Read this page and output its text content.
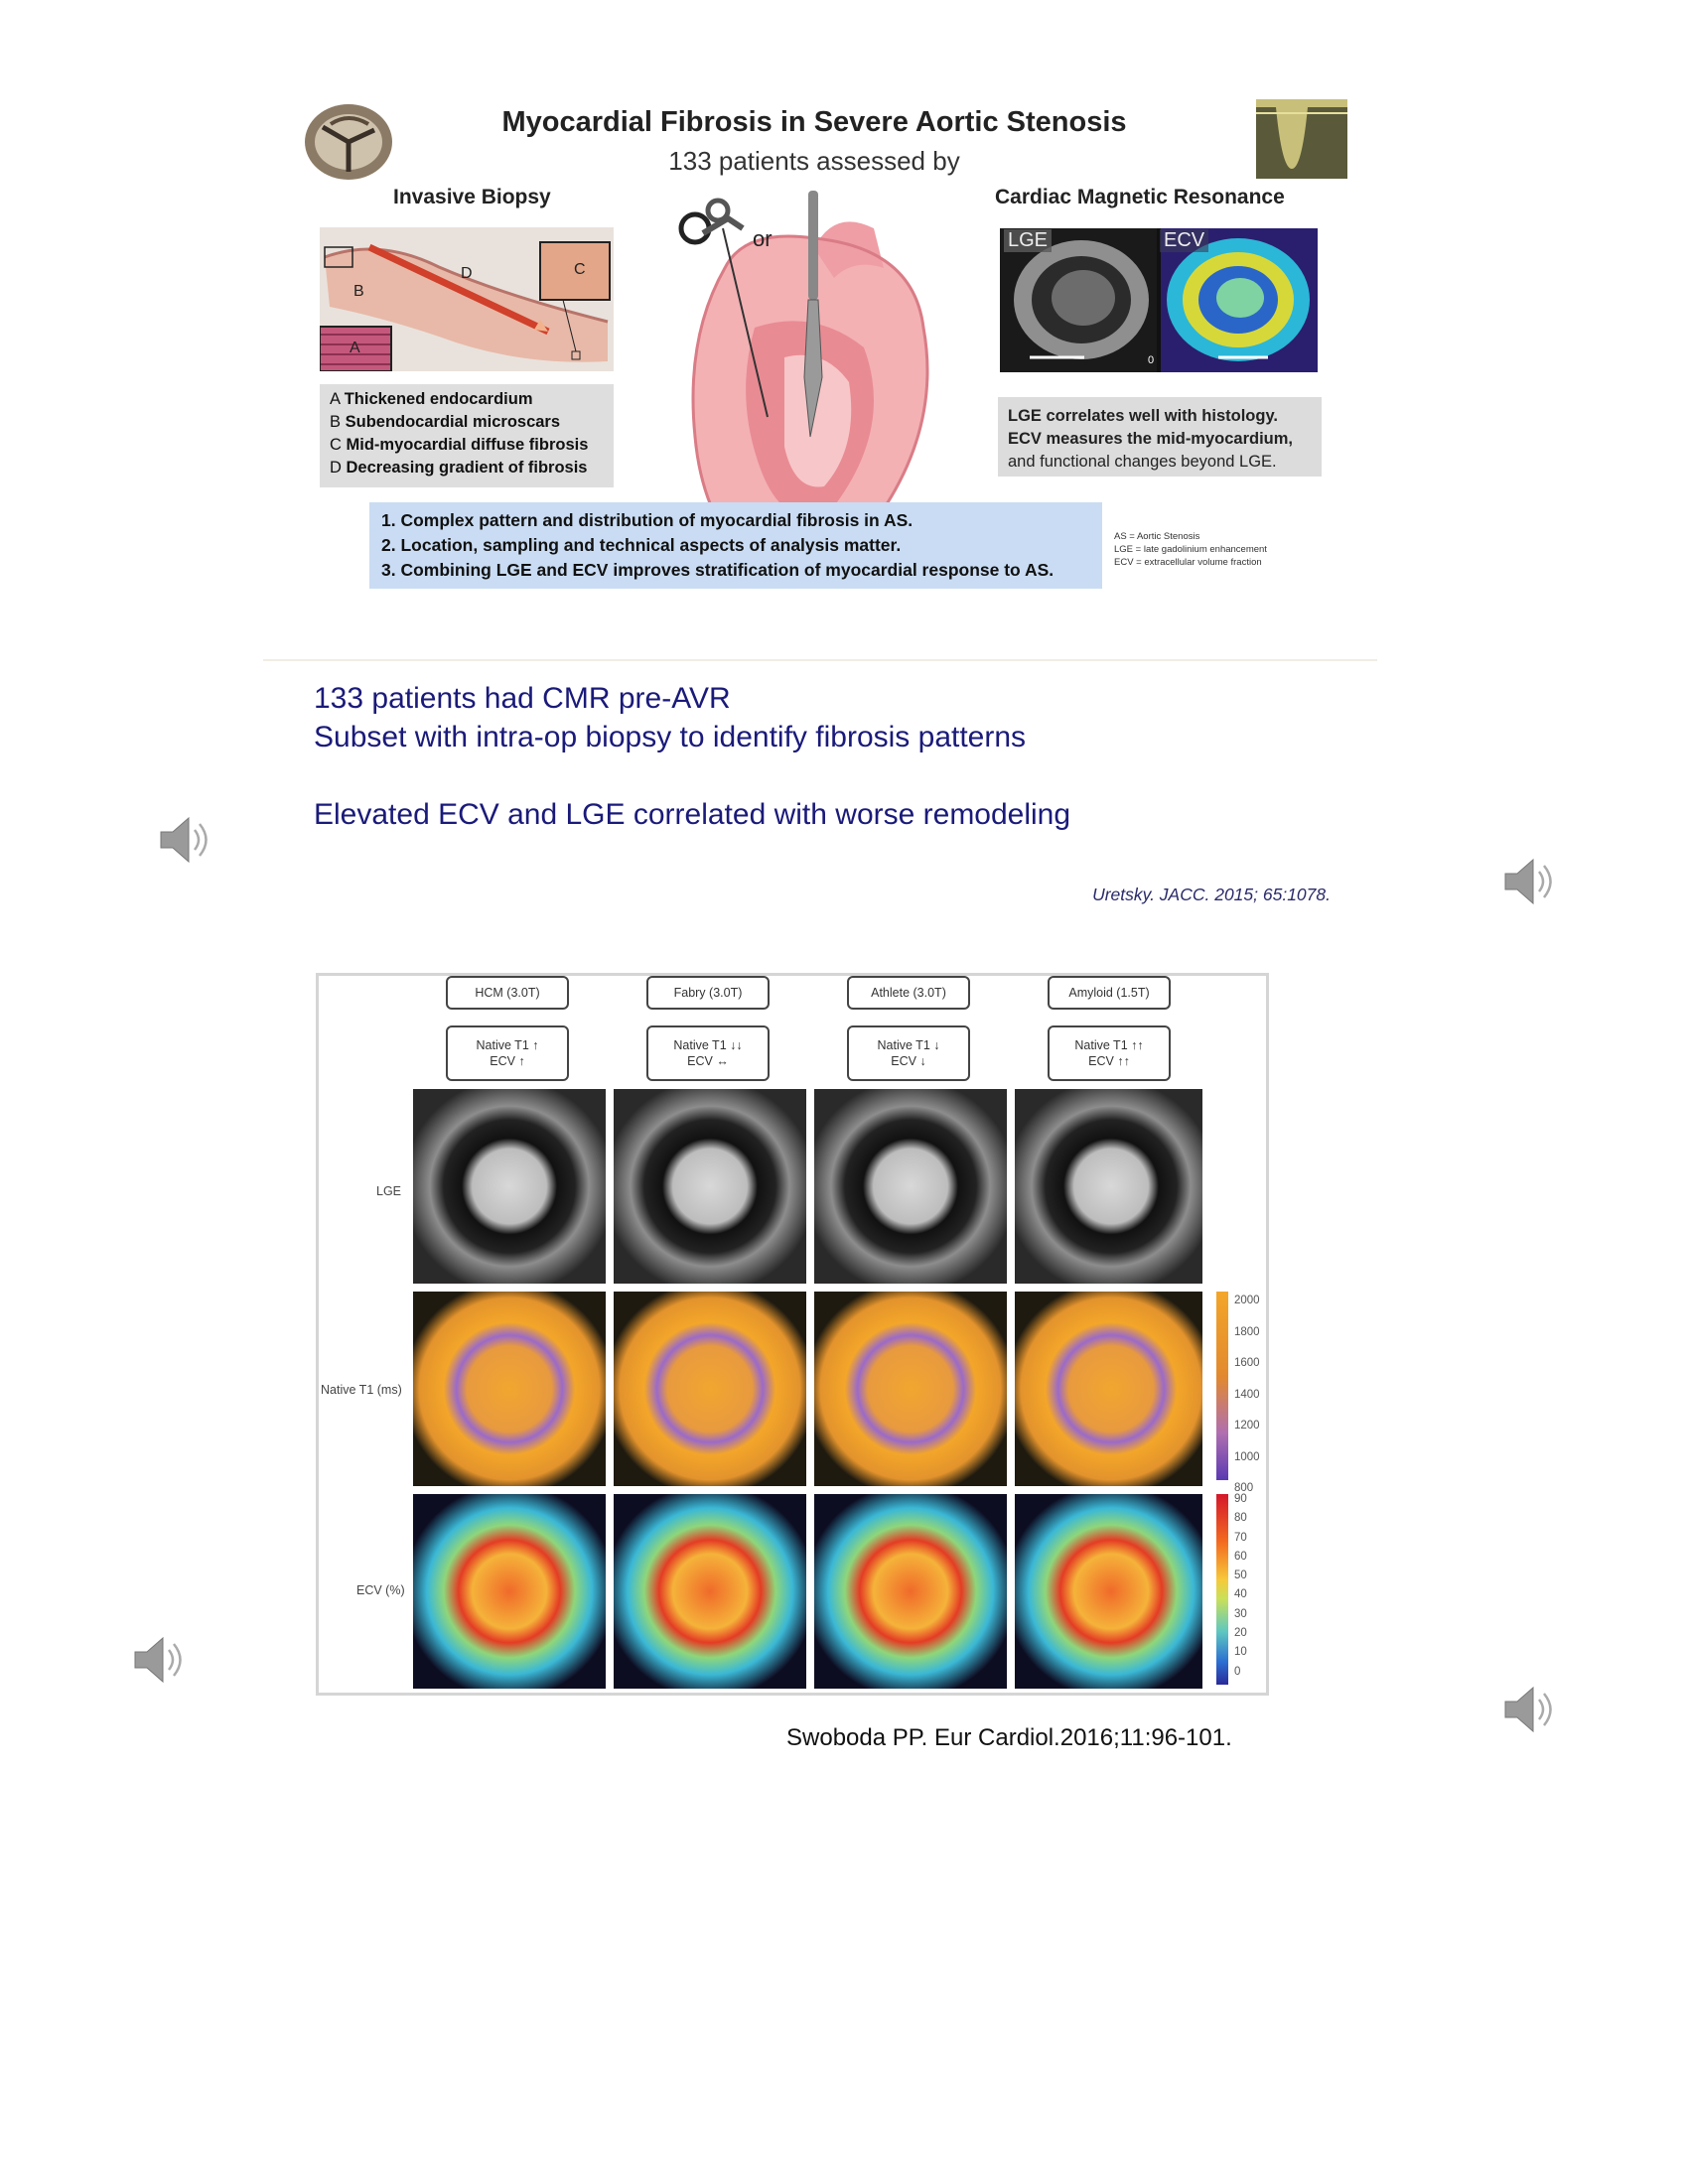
Myocardial Fibrosis in Severe Aortic Stenosis
133 patients assessed by
Invasive Biopsy	Cardiac Magnetic Resonance
B
D	C
A
A Thickened endocardium
B Subendocardial microscars
C Mid-myocardial diffuse fibrosis
D Decreasing gradient of fibrosis
or	LGE	ECV
0
LGE correlates well with histology.
ECV measures the mid-myocardium,
and functional changes beyond LGE.
1. Complex pattern and distribution of myocardial fibrosis in AS.
2. Location, sampling and technical aspects of analysis matter.
3. Combining LGE and ECV improves stratification of myocardial response to AS.
AS = Aortic Stenosis
LGE = late gadolinium enhancement
ECV = extracellular volume fraction
133 patients had CMR pre-AVR
Subset with intra-op biopsy to identify fibrosis patterns
Elevated ECV and LGE correlated with worse remodeling
Uretsky. JACC. 2015; 65:1078.
HCM (3.0T)	Fabry (3.0T)	Athlete (3.0T)	Amyloid (1.5T)
Native T1 ↑
ECV ↑
Native T1 ↓↓
ECV ↔
Native T1 ↓
ECV ↓
Native T1 ↑↑
ECV ↑↑
LGE
Native T1 (ms)
ECV (%)
2000
1800
1600
1400
1200
1000
800
90
80
70
60
50
40
30
20
10
0
Swoboda PP. Eur Cardiol.2016;11:96-101.
